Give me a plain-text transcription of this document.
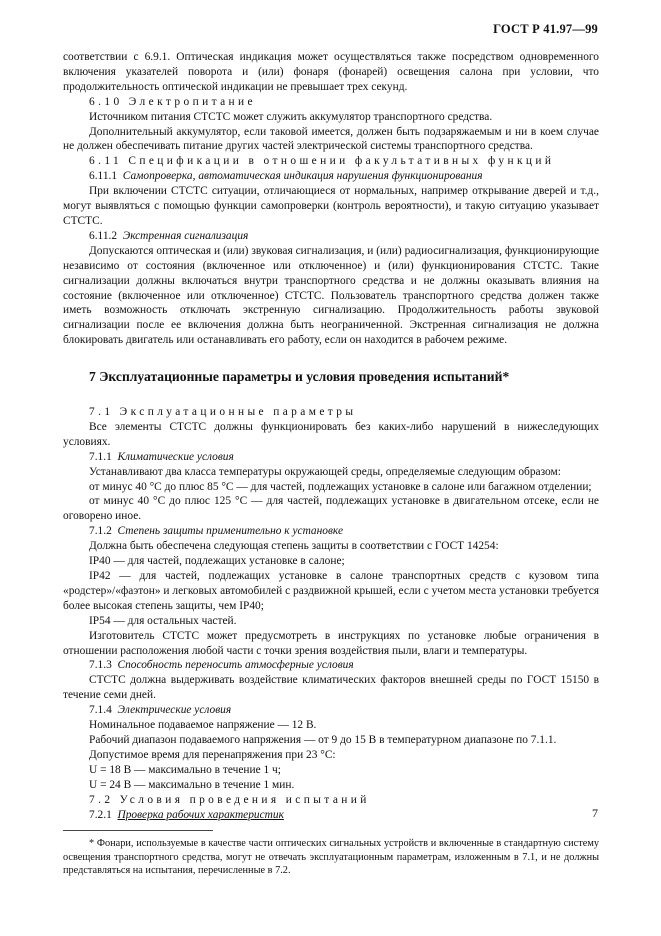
ГОСТ Р 41.97—99

соответствии с 6.9.1. Оптическая индикация может осуществляться также посредством одновременного включения указателей поворота и (или) фонаря (фонарей) освещения салона при условии, что продолжительность оптической индикации не превышает трех секунд.

6.10 Электропитание

Источником питания СТСТС может служить аккумулятор транспортного средства.

Дополнительный аккумулятор, если таковой имеется, должен быть подзаряжаемым и ни в коем случае не должен обеспечивать питание других частей электрической системы транспортного средства.

6.11 Спецификации в отношении факультативных функций

6.11.1 Самопроверка, автоматическая индикация нарушения функционирования

При включении СТСТС ситуации, отличающиеся от нормальных, например открывание дверей и т.д., могут выявляться с помощью функции самопроверки (контроль вероятности), и такую ситуацию указывает СТСТС.

6.11.2 Экстренная сигнализация

Допускаются оптическая и (или) звуковая сигнализация, и (или) радиосигнализация, функционирующие независимо от состояния (включенное или отключенное) и (или) функционирования СТСТС. Такие сигнализации должны включаться внутри транспортного средства и не должны оказывать влияния на состояние (включенное или отключенное) СТСТС. Пользователь транспортного средства должен также иметь возможность отключать экстренную сигнализацию. Продолжительность работы звуковой сигнализации после ее включения должна быть неограниченной. Экстренная сигнализация не должна блокировать двигатель или останавливать его работу, если он находится в рабочем режиме.

7 Эксплуатационные параметры и условия проведения испытаний*

7.1 Эксплуатационные параметры

Все элементы СТСТС должны функционировать без каких-либо нарушений в нижеследующих условиях.

7.1.1 Климатические условия

Устанавливают два класса температуры окружающей среды, определяемые следующим образом:

от минус 40 °С до плюс 85 °С — для частей, подлежащих установке в салоне или багажном отделении;

от минус 40 °С до плюс 125 °С — для частей, подлежащих установке в двигательном отсеке, если не оговорено иное.

7.1.2 Степень защиты применительно к установке

Должна быть обеспечена следующая степень защиты в соответствии с ГОСТ 14254:

IP40 — для частей, подлежащих установке в салоне;

IP42 — для частей, подлежащих установке в салоне транспортных средств с кузовом типа «родстер»/«фаэтон» и легковых автомобилей с раздвижной крышей, если с учетом места установки требуется более высокая степень защиты, чем IP40;

IP54 — для остальных частей.

Изготовитель СТСТС может предусмотреть в инструкциях по установке любые ограничения в отношении расположения любой части с точки зрения воздействия пыли, влаги и температуры.

7.1.3 Способность переносить атмосферные условия

СТСТС должна выдерживать воздействие климатических факторов внешней среды по ГОСТ 15150 в течение семи дней.

7.1.4 Электрические условия

Номинальное подаваемое напряжение — 12 В.

Рабочий диапазон подаваемого напряжения — от 9 до 15 В в температурном диапазоне по 7.1.1.

Допустимое время для перенапряжения при 23 °С:

U = 18 В — максимально в течение 1 ч;

U = 24 В — максимально в течение 1 мин.

7.2 Условия проведения испытаний

7.2.1 Проверка рабочих характеристик

* Фонари, используемые в качестве части оптических сигнальных устройств и включенные в стандартную систему освещения транспортного средства, могут не отвечать эксплуатационным параметрам, изложенным в 7.1, и не должны представляться на испытания, перечисленные в 7.2.

7
